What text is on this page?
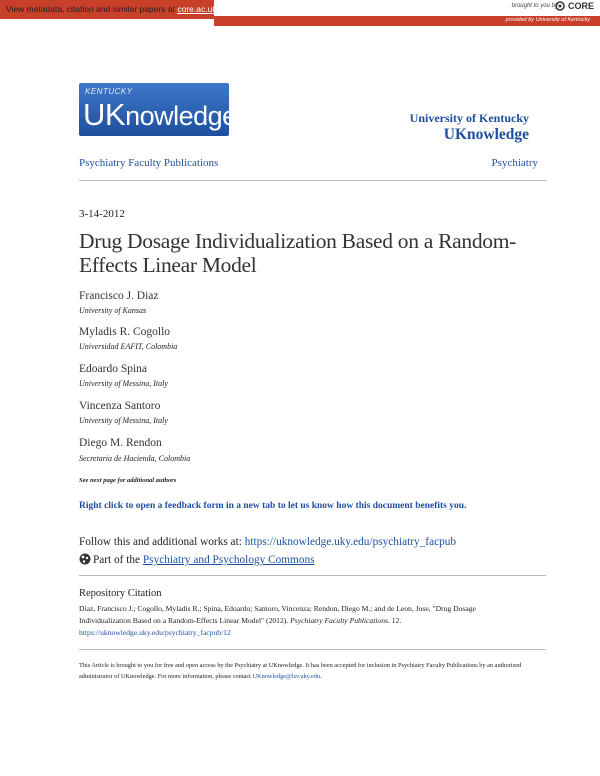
View metadata, citation and similar papers at core.ac.uk	brought to you by	CORE
provided by University of Kentucky
KENTUCKY
UKnowledge	University of Kentucky
UKnowledge
Psychiatry Faculty Publications	Psychiatry
3-14-2012
Drug Dosage Individualization Based on a Random-Effects Linear Model
Francisco J. Diaz
University of Kansas
Myladis R. Cogollo
Universidad EAFIT, Colombia
Edoardo Spina
University of Messina, Italy
Vincenza Santoro
University of Messina, Italy
Diego M. Rendon
Secretaria de Hacienda, Colombia
See next page for additional authors
Right click to open a feedback form in a new tab to let us know how this document benefits you.
Follow this and additional works at: https://uknowledge.uky.edu/psychiatry_facpub
Part of the Psychiatry and Psychology Commons
Repository Citation
Diaz, Francisco J.; Cogollo, Myladis R.; Spina, Edoardo; Santoro, Vincenza; Rendon, Diego M.; and de Leon, Jose, "Drug Dosage Individualization Based on a Random-Effects Linear Model" (2012). Psychiatry Faculty Publications. 12.
https://uknowledge.uky.edu/psychiatry_facpub/12
This Article is brought to you for free and open access by the Psychiatry at UKnowledge. It has been accepted for inclusion in Psychiatry Faculty Publications by an authorized administrator of UKnowledge. For more information, please contact UKnowledge@lsv.uky.edu.
